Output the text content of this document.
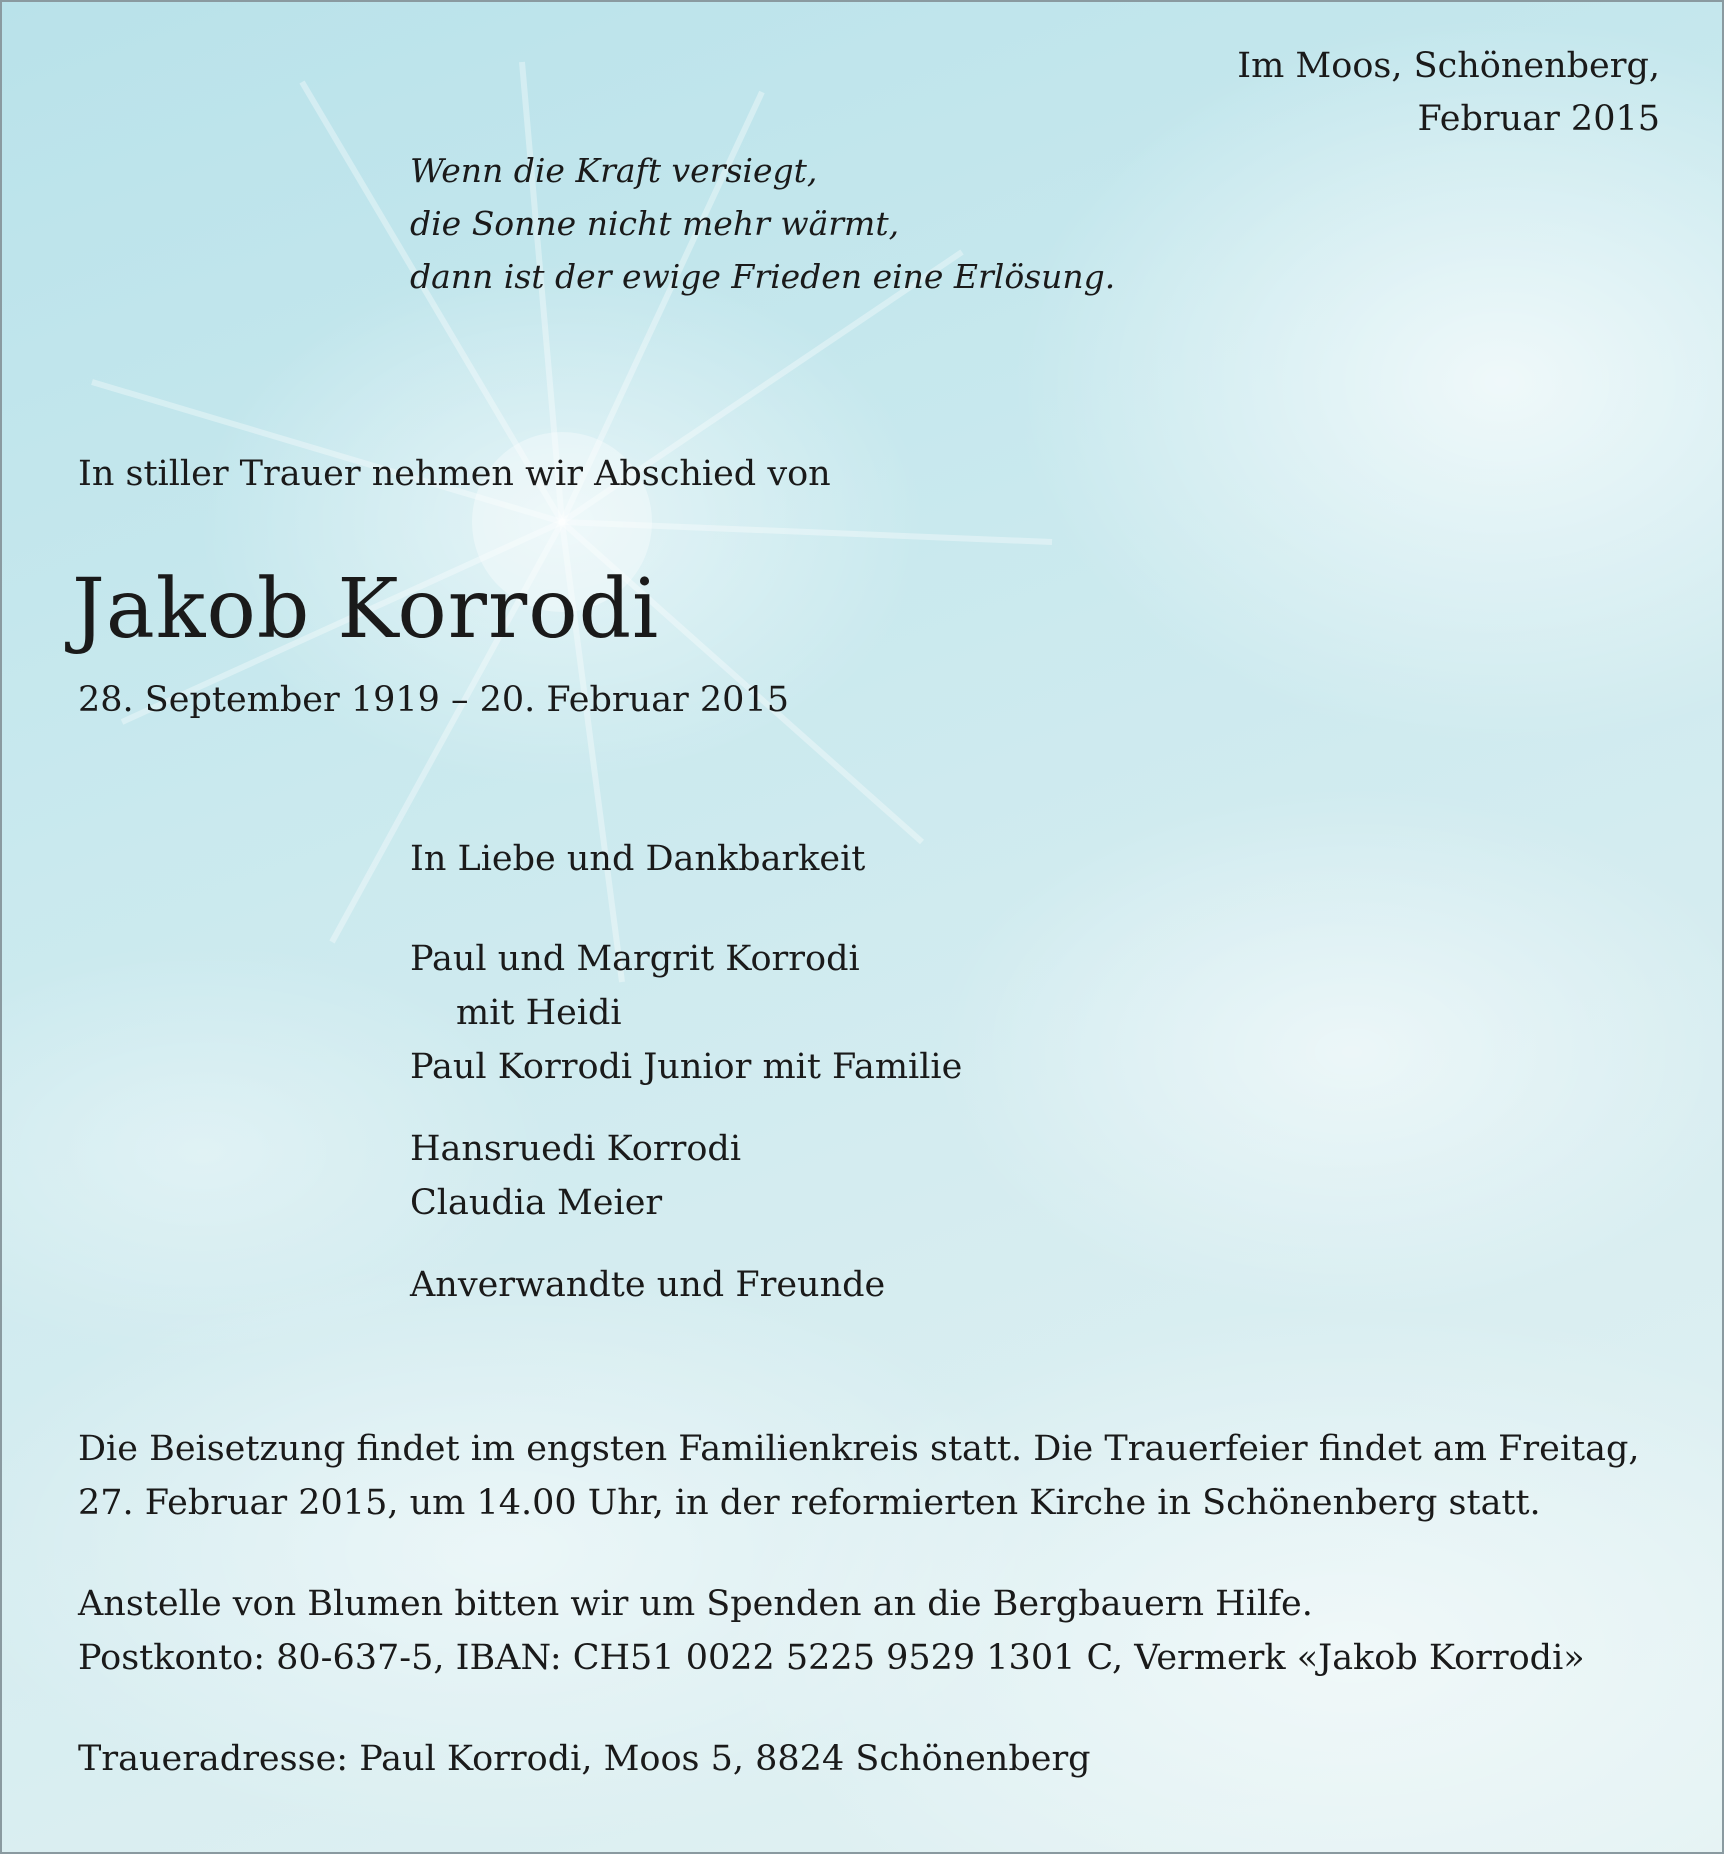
Im Moos, Schönenberg,
Februar 2015
Wenn die Kraft versiegt,
die Sonne nicht mehr wärmt,
dann ist der ewige Frieden eine Erlösung.
In stiller Trauer nehmen wir Abschied von
Jakob Korrodi
28. September 1919 – 20. Februar 2015
In Liebe und Dankbarkeit
Paul und Margrit Korrodi
mit Heidi
Paul Korrodi Junior mit Familie
Hansruedi Korrodi
Claudia Meier
Anverwandte und Freunde
Die Beisetzung findet im engsten Familienkreis statt. Die Trauerfeier findet am Freitag,
27. Februar 2015, um 14.00 Uhr, in der reformierten Kirche in Schönenberg statt.
Anstelle von Blumen bitten wir um Spenden an die Bergbauern Hilfe.
Postkonto: 80-637-5, IBAN: CH51 0022 5225 9529 1301 C, Vermerk «Jakob Korrodi»
Traueradresse: Paul Korrodi, Moos 5, 8824 Schönenberg
